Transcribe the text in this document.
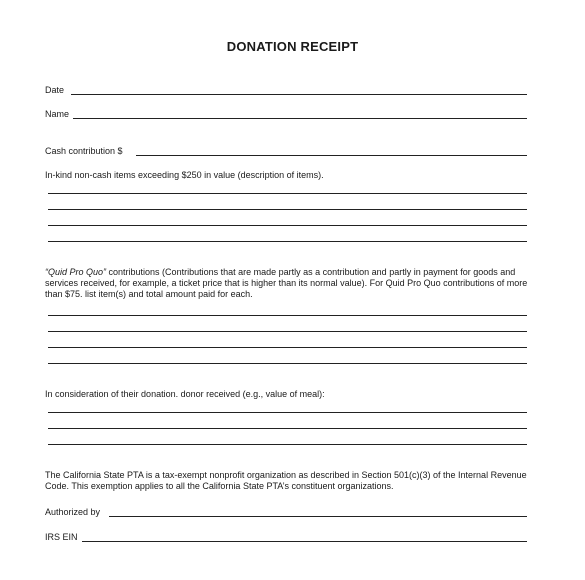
DONATION RECEIPT
Date
Name
Cash contribution $
In-kind non-cash items exceeding $250 in value (description of items).
“Quid Pro Quo” contributions (Contributions that are made partly as a contribution and partly in payment for goods and services received, for example, a ticket price that is higher than its normal value). For Quid Pro Quo contributions of more than $75. list item(s) and total amount paid for each.
In consideration of their donation. donor received (e.g., value of meal):
The California State PTA is a tax-exempt nonprofit organization as described in Section 501(c)(3) of the Internal Revenue Code. This exemption applies to all the California State PTA’s constituent organizations.
Authorized by
IRS EIN
